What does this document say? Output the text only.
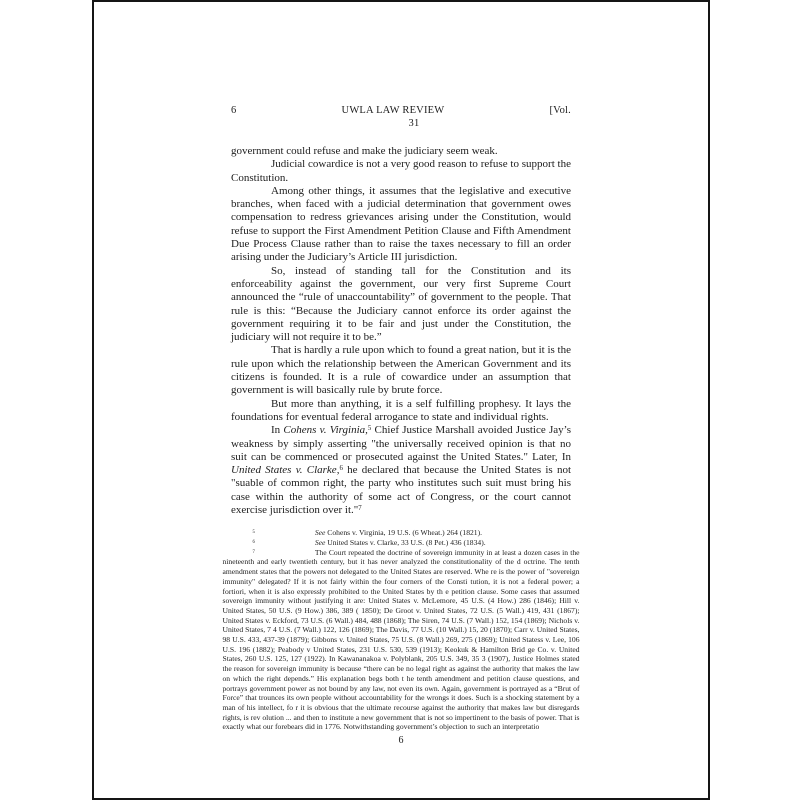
6	UWLA LAW REVIEW	[Vol.
31

government could refuse and make the judiciary seem weak.

Judicial cowardice is not a very good reason to refuse to support the Constitution.

Among other things, it assumes that the legislative and executive branches, when faced with a judicial determination that government owes compensation to redress grievances arising under the Constitution, would refuse to support the First Amendment Petition Clause and Fifth Amendment Due Process Clause rather than to raise the taxes necessary to fill an order arising under the Judiciary’s Article III jurisdiction.

So, instead of standing tall for the Constitution and its enforceability against the government, our very first Supreme Court announced the “rule of unaccountability” of government to the people. That rule is this: “Because the Judiciary cannot enforce its order against the government requiring it to be fair and just under the Constitution, the judiciary will not require it to be.”

That is hardly a rule upon which to found a great nation, but it is the rule upon which the relationship between the American Government and its citizens is founded. It is a rule of cowardice under an assumption that government is will basically rule by brute force.

But more than anything, it is a self fulfilling prophesy. It lays the foundations for eventual federal arrogance to state and individual rights.

In Cohens v. Virginia,$^5$ Chief Justice Marshall avoided Justice Jay’s weakness by simply asserting "the universally received opinion is that no suit can be commenced or prosecuted against the United States." Later, In United States v. Clarke,$^6$ he declared that because the United States is not "suable of common right, the party who institutes such suit must bring his case within the authority of some act of Congress, or the court cannot exercise jurisdiction over it."$^7$

$^5$	See Cohens v. Virginia, 19 U.S. (6 Wheat.) 264 (1821).

$^6$	See United States v. Clarke, 33 U.S. (8 Pet.) 436 (1834).

$^7$	The Court repeated the doctrine of sovereign immunity in at least a dozen cases in the nineteenth and early twentieth century, but it has never analyzed the constitutionality of the d octrine. The tenth amendment states that the powers not delegated to the United States are reserved. Whe re is the power of "sovereign immunity" delegated? If it is not fairly within the four corners of the Consti tution, it is not a federal power; a fortiori, when it is also expressly prohibited to the United States by th e petition clause. Some cases that assumed sovereign immunity without justifying it are: United States v. McLemore, 45 U.S. (4 How.) 286 (1846); Hill v. United States, 50 U.S. (9 How.) 386, 389 ( 1850); De Groot v. United States, 72 U.S. (5 Wall.) 419, 431 (1867); United States v. Eckford, 73 U.S. (6 Wall.) 484, 488 (1868); The Siren, 74 U.S. (7 Wall.) 152, 154 (1869); Nichols v. United States, 7 4 U.S. (7 Wall.) 122, 126 (1869); The Davis, 77 U.S. (10 Wall.) 15, 20 (1870); Carr v. United States, 98 U.S. 433, 437-39 (1879); Gibbons v. United States, 75 U.S. (8 Wall.) 269, 275 (1869); United Statess v. Lee, 106 U.S. 196 (1882); Peabody v United States, 231 U.S. 530, 539 (1913); Keokuk & Hamilton Brid ge Co. v. United States, 260 U.S. 125, 127 (1922). In Kawananakoa v. Polyblank, 205 U.S. 349, 35 3 (1907), Justice Holmes stated the reason for sovereign immunity is because “there can be no legal right as against the authority that makes the law on which the right depends.” His explanation begs both t he tenth amendment and petition clause questions, and portrays government power as not bound by any law, not even its own. Again, government is portrayed as a “Brut of Force” that trounces its own people without accountability for the wrongs it does. Such is a shocking statement by a man of his intellect, fo r it is obvious that the ultimate recourse against the authority that makes law but disregards rights, is rev olution ... and then to institute a new government that is not so impertinent to the basis of power. That is exactly what our forebears did in 1776. Notwithstanding government’s objection to such an interpretatio

6
